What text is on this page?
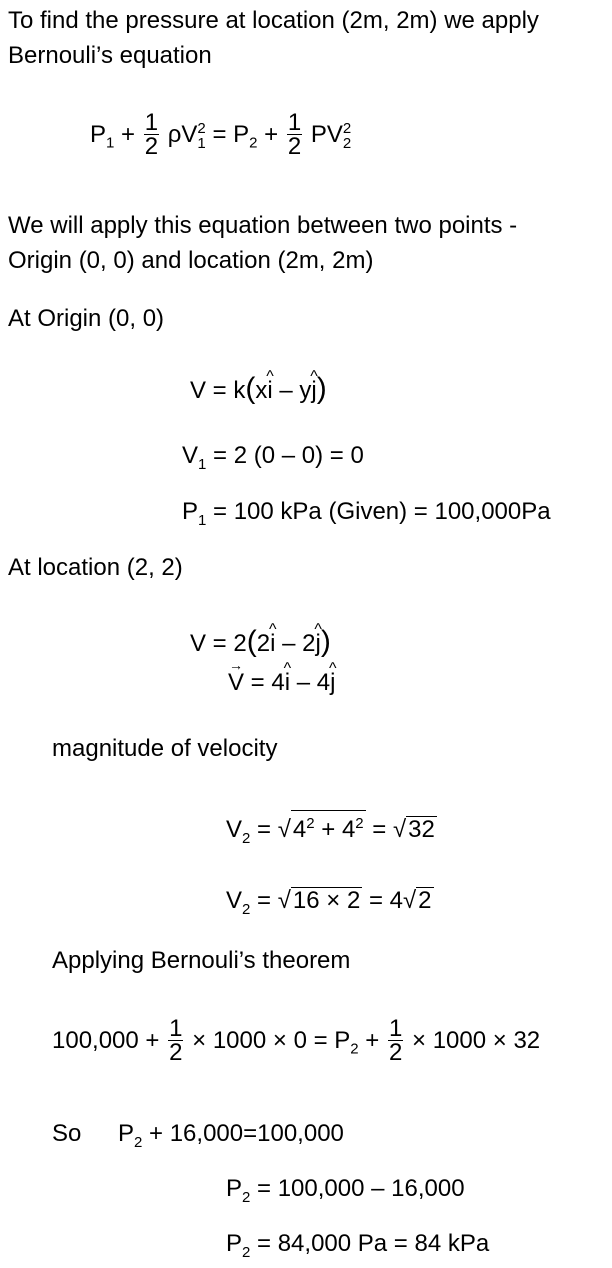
To find the pressure at location (2m, 2m) we apply
Bernouli’s equation
$P_1 + \frac{1}{2}$ ρV 2
$1 = P_2 + \frac{1}{2}$ PV 2
2
We will apply this equation between two points -
Origin (0, 0) and location (2m, 2m)
At Origin (0, 0)
V = k(x^ i – y^ j)
$V_1 = 2$ (0 – 0) = 0
$P_1 = 100$ kPa (Given) = 100,000Pa
At location (2, 2)
V = 2(2^ i – 2^ j)
→ V = 4^ i – 4^ j
magnitude of velocity
$V_2 = √4^2 + 4^2 = √32$
$V_2 = √16 \times 2 = 4√2$
Applying Bernouli’s theorem
$100,000 + \frac{1}{2} \times 1000 \times 0 = P_2 + \frac{1}{2} \times 1000 \times 32$
So $P_2 + 16,000=100,000$
$P_2 = 100,000 - 16,000$
$P_2 = 84,000$ Pa = 84 kPa
